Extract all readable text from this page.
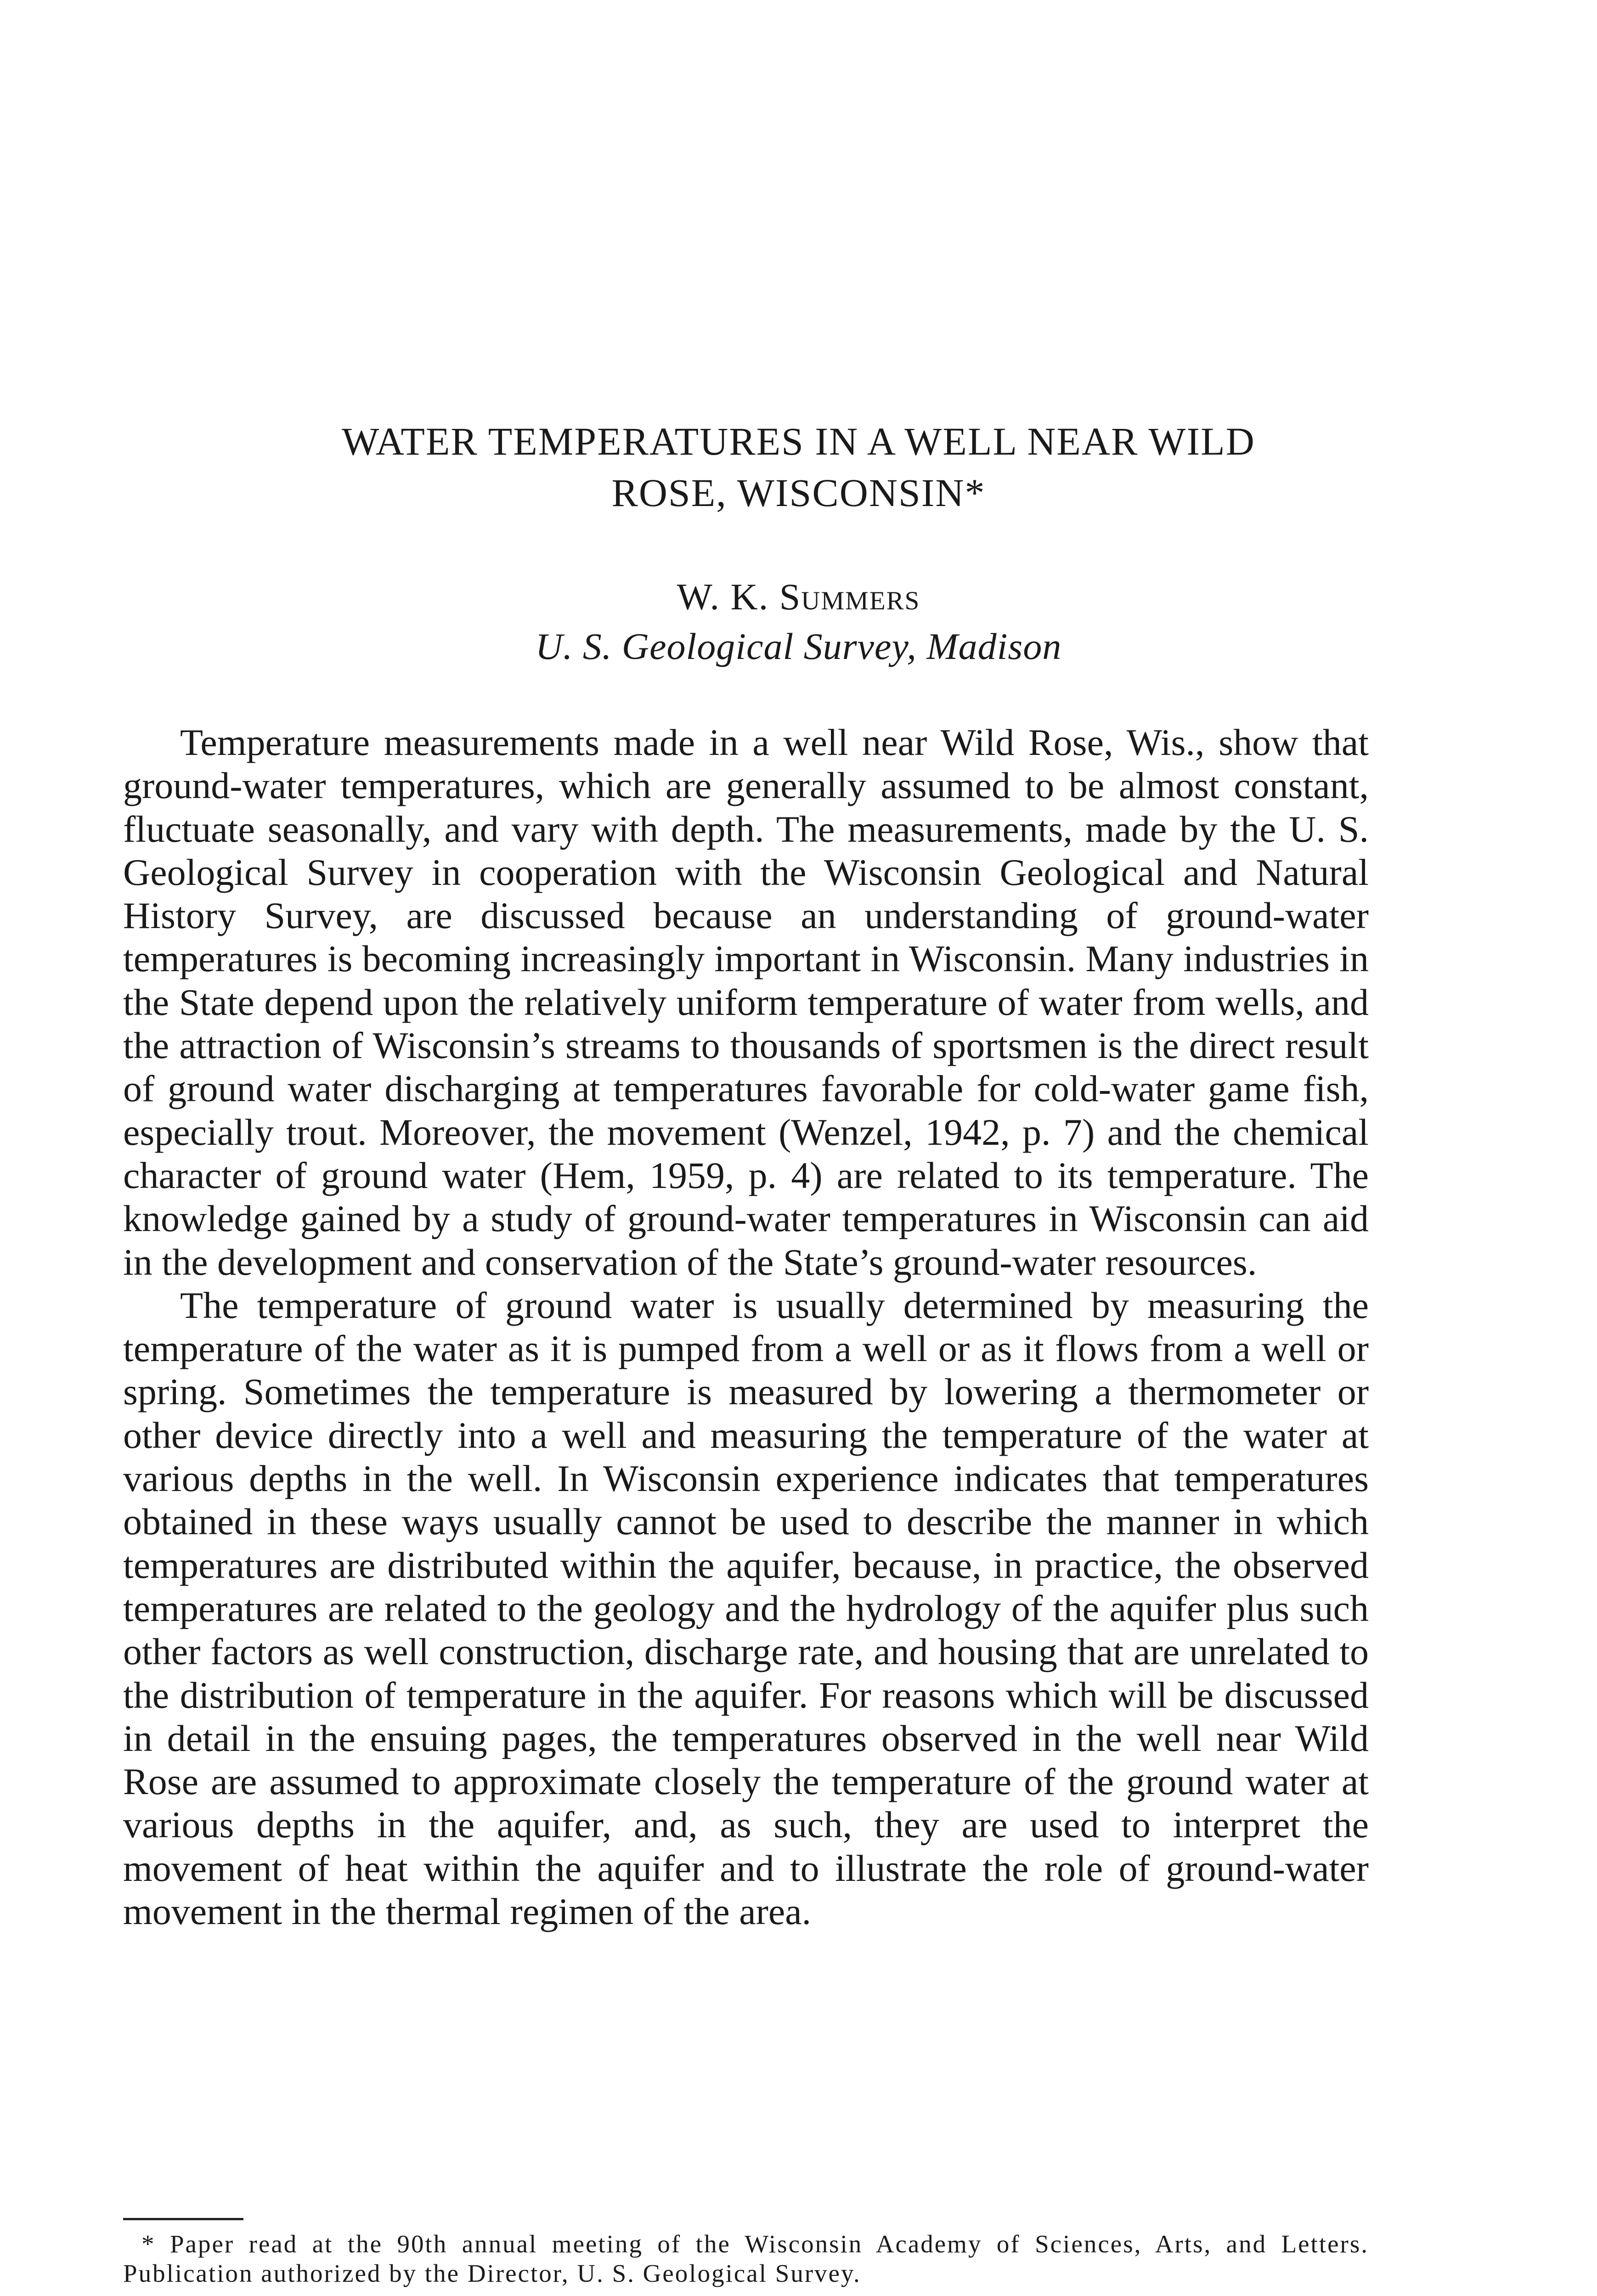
WATER TEMPERATURES IN A WELL NEAR WILD
ROSE, WISCONSIN*
W. K. Summers
U. S. Geological Survey, Madison

Temperature measurements made in a well near Wild Rose, Wis., show that ground-water temperatures, which are generally assumed to be almost constant, fluctuate seasonally, and vary with depth. The measurements, made by the U. S. Geological Survey in cooperation with the Wisconsin Geological and Natural History Survey, are discussed because an understanding of ground-water temperatures is becoming increasingly important in Wisconsin. Many industries in the State depend upon the relatively uniform temperature of water from wells, and the attraction of Wisconsin’s streams to thousands of sportsmen is the direct result of ground water discharging at temperatures favorable for cold-water game fish, especially trout. Moreover, the movement (Wenzel, 1942, p. 7) and the chemical character of ground water (Hem, 1959, p. 4) are related to its temperature. The knowledge gained by a study of ground-water temperatures in Wisconsin can aid in the development and conservation of the State’s ground-water resources.

The temperature of ground water is usually determined by measuring the temperature of the water as it is pumped from a well or as it flows from a well or spring. Sometimes the temperature is measured by lowering a thermometer or other device directly into a well and measuring the temperature of the water at various depths in the well. In Wisconsin experience indicates that temperatures obtained in these ways usually cannot be used to describe the manner in which temperatures are distributed within the aquifer, because, in practice, the observed temperatures are related to the geology and the hydrology of the aquifer plus such other factors as well construction, discharge rate, and housing that are unrelated to the distribution of temperature in the aquifer. For reasons which will be discussed in detail in the ensuing pages, the temperatures observed in the well near Wild Rose are assumed to approximate closely the temperature of the ground water at various depths in the aquifer, and, as such, they are used to interpret the movement of heat within the aquifer and to illustrate the role of ground-water movement in the thermal regimen of the area.

* Paper read at the 90th annual meeting of the Wisconsin Academy of Sciences, Arts, and Letters. Publication authorized by the Director, U. S. Geological Survey.
